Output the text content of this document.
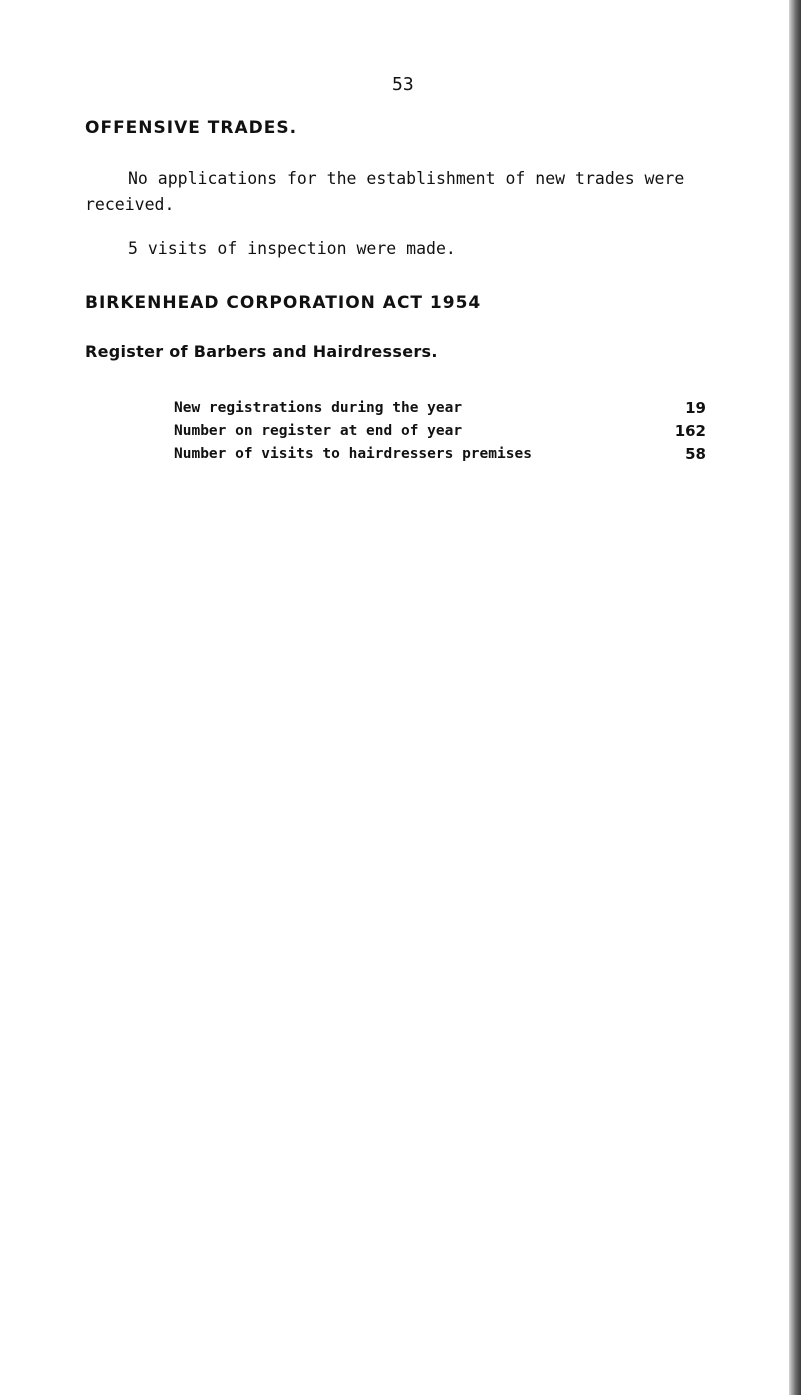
53
OFFENSIVE TRADES.
No applications for the establishment of new trades were
received.
5 visits of inspection were made.
BIRKENHEAD CORPORATION ACT 1954
Register of Barbers and Hairdressers.
New registrations during the year	19
Number on register at end of year	162
Number of visits to hairdressers premises	58
